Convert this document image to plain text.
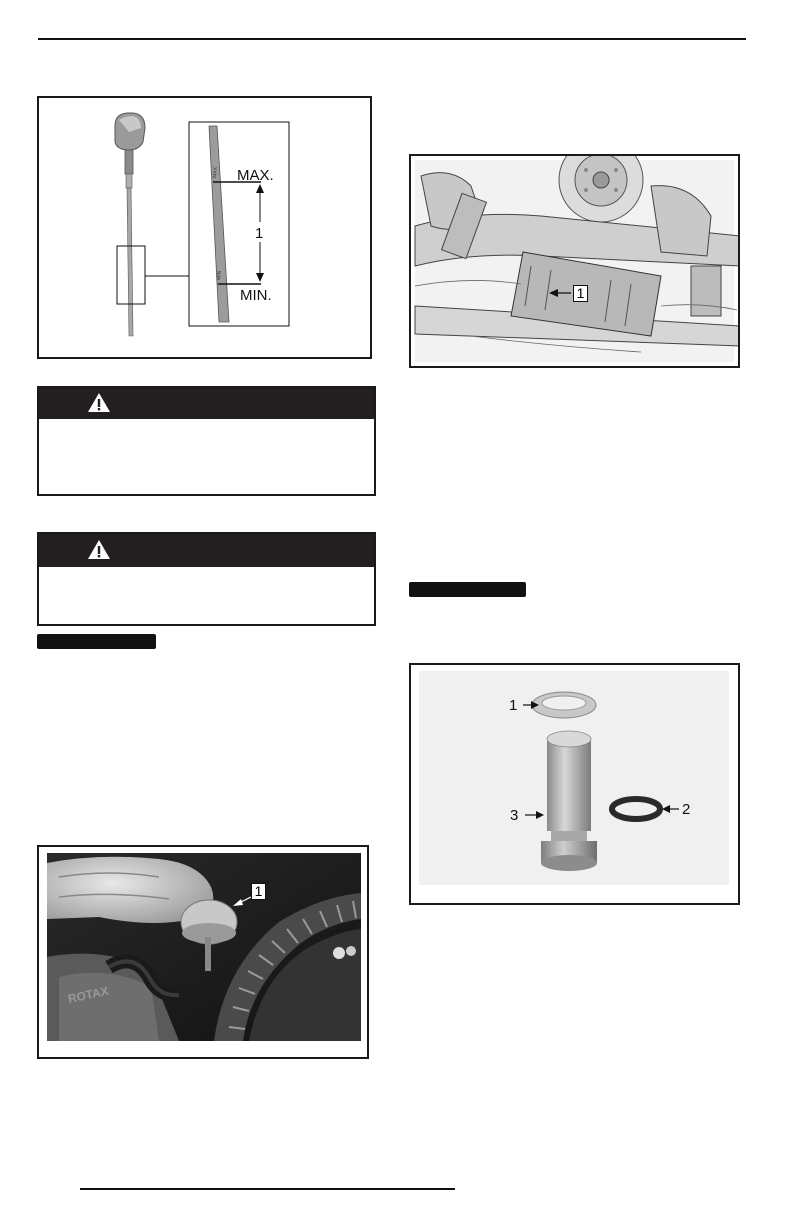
MAX
MIN
MAX.
MIN.
1
ROTAX
1
1
1
2
3
